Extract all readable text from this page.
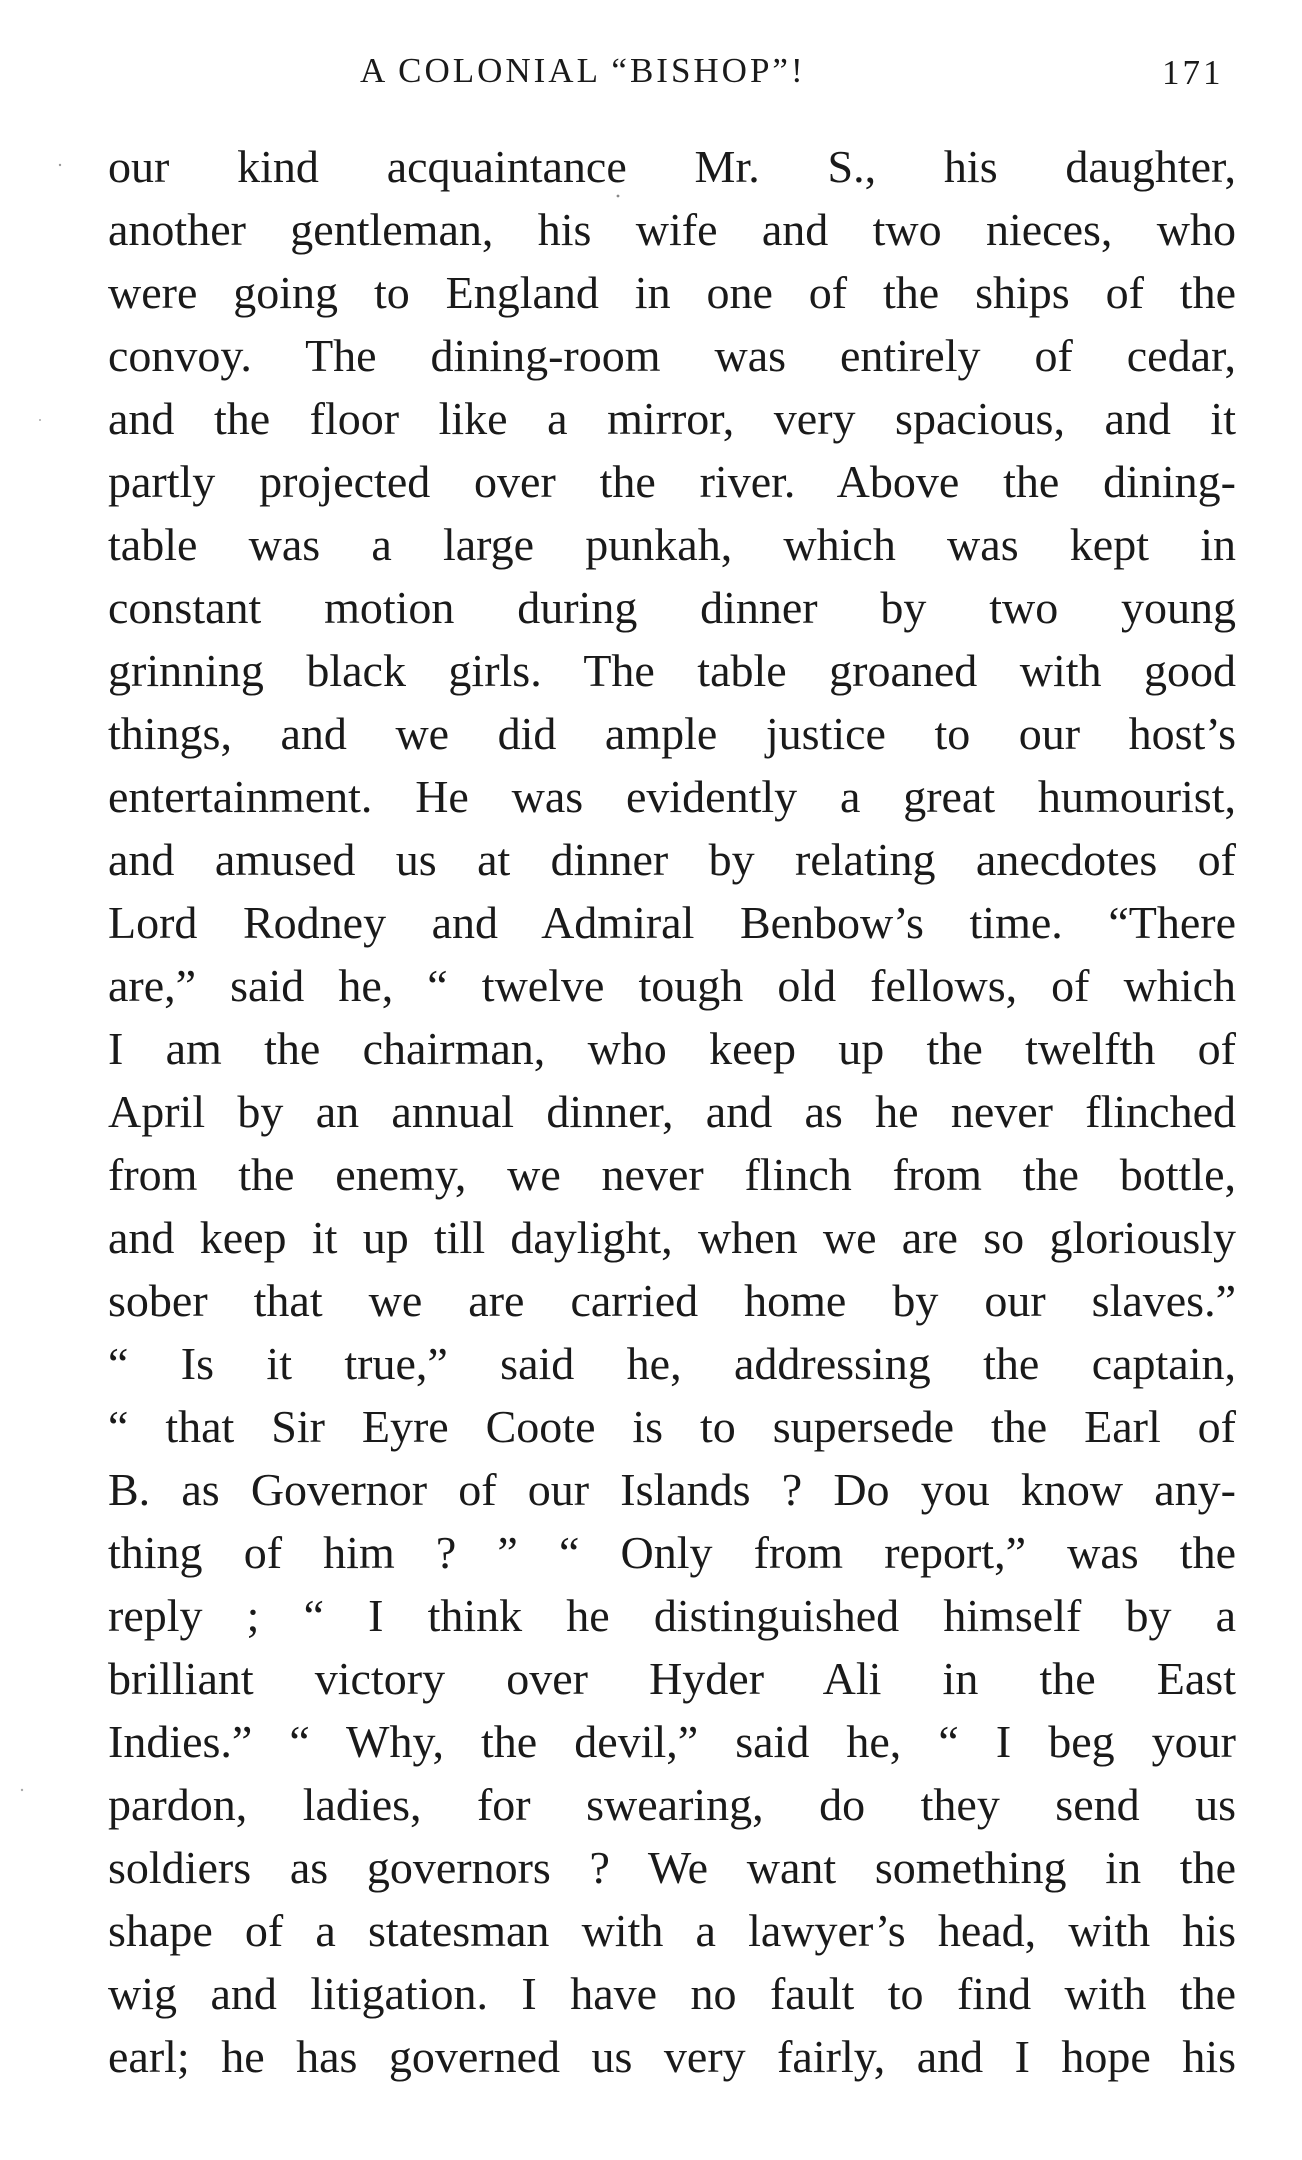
A COLONIAL “BISHOP”!	171
our kind acquaintance Mr. S., his daughter,
another gentleman, his wife and two nieces, who
were going to England in one of the ships of the
convoy. The dining-room was entirely of cedar,
and the floor like a mirror, very spacious, and it
partly projected over the river. Above the dining-
table was a large punkah, which was kept in
constant motion during dinner by two young
grinning black girls. The table groaned with good
things, and we did ample justice to our host’s
entertainment. He was evidently a great humourist,
and amused us at dinner by relating anecdotes of
Lord Rodney and Admiral Benbow’s time. “There
are,” said he, “ twelve tough old fellows, of which
I am the chairman, who keep up the twelfth of
April by an annual dinner, and as he never flinched
from the enemy, we never flinch from the bottle,
and keep it up till daylight, when we are so gloriously
sober that we are carried home by our slaves.”
“ Is it true,” said he, addressing the captain,
“ that Sir Eyre Coote is to supersede the Earl of
B. as Governor of our Islands ? Do you know any-
thing of him ? ” “ Only from report,” was the
reply ; “ I think he distinguished himself by a
brilliant victory over Hyder Ali in the East
Indies.” “ Why, the devil,” said he, “ I beg your
pardon, ladies, for swearing, do they send us
soldiers as governors ? We want something in the
shape of a statesman with a lawyer’s head, with his
wig and litigation. I have no fault to find with the
earl; he has governed us very fairly, and I hope his
